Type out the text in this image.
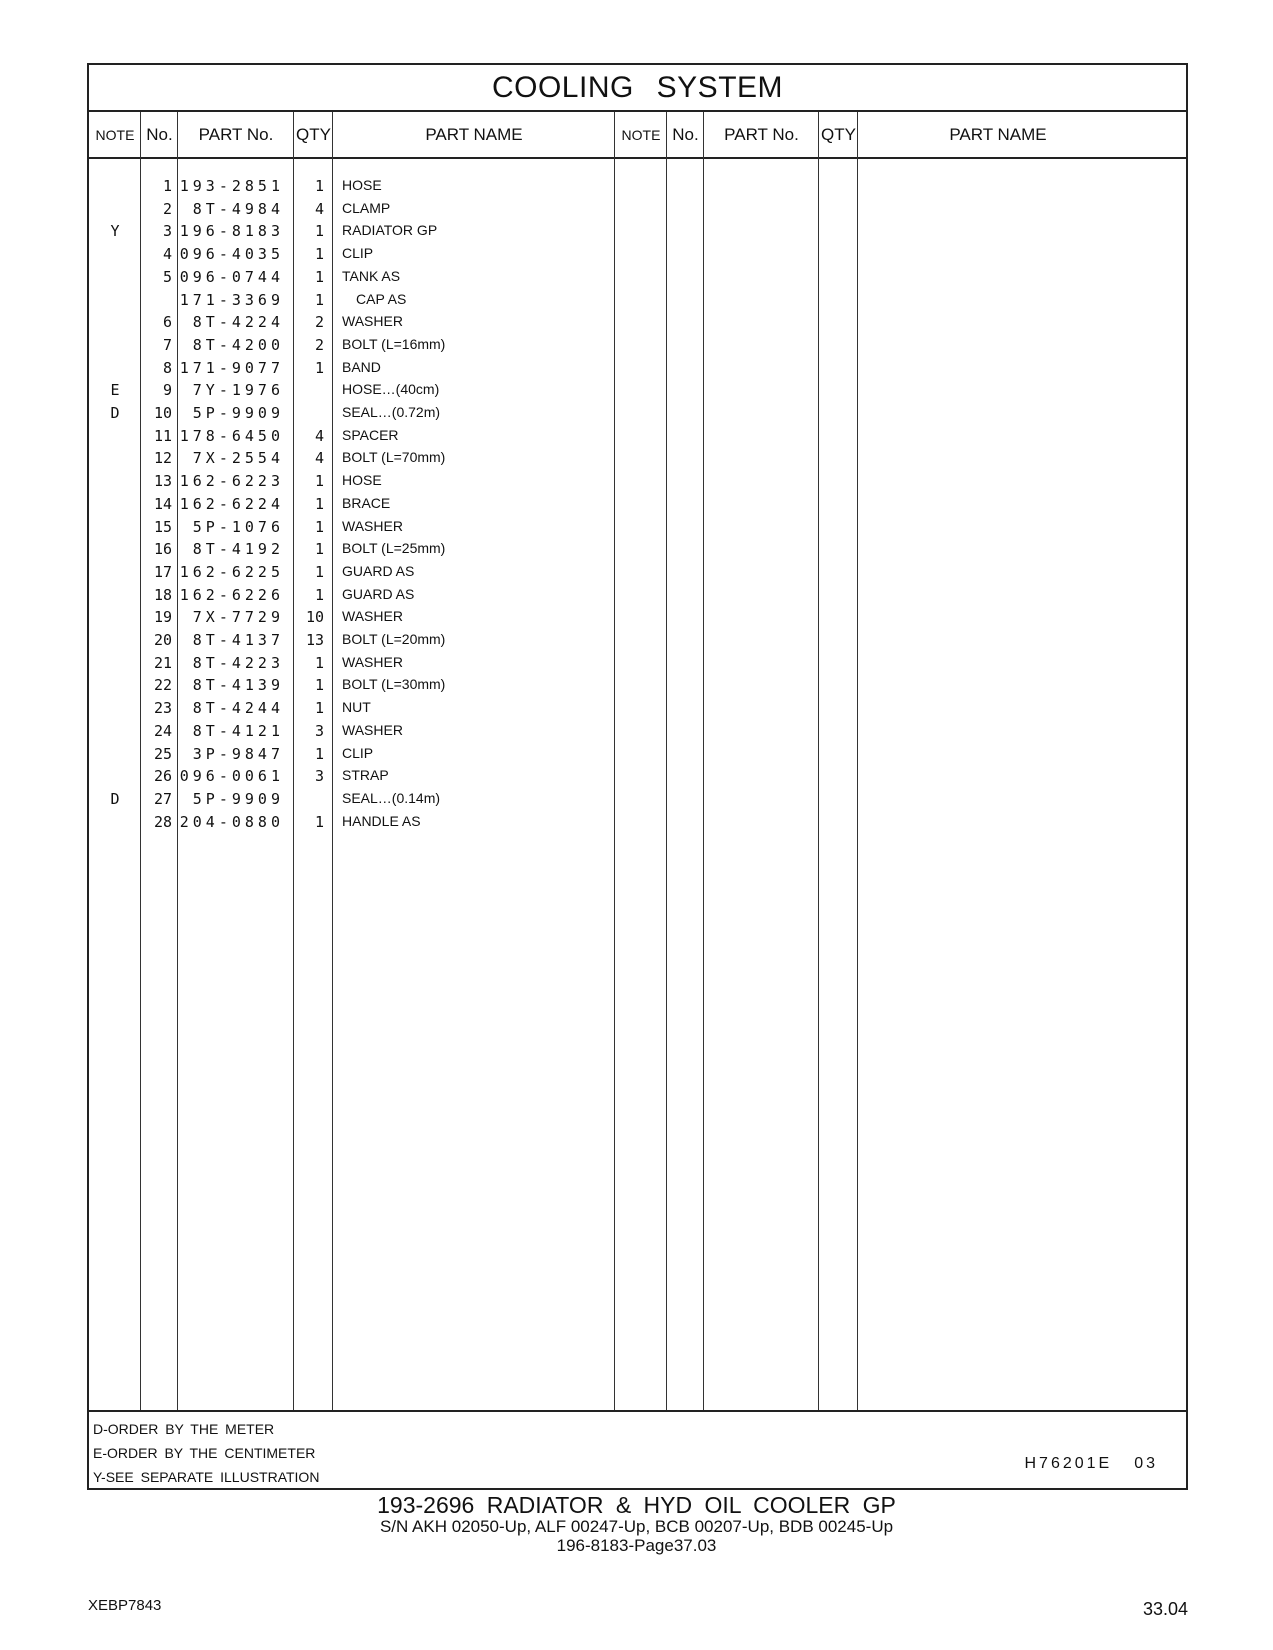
COOLING SYSTEM
NOTE No.	PART No.	QTY	PART NAME	NOTE No.	PART No.	QTY	PART NAME
1 193-2851	1 HOSE
2	8T-4984	4 CLAMP
Y	3 196-8183	1 RADIATOR GP
4 096-4035	1 CLIP
5 096-0744	1 TANK AS
171-3369	1 CAP AS
6	8T-4224	2 WASHER
7	8T-4200	2 BOLT (L=16mm)
8 171-9077	1 BAND
E	9	7Y-1976	HOSE…(40cm)
D	10	5P-9909	SEAL…(0.72m)
11 178-6450	4 SPACER
12	7X-2554	4 BOLT (L=70mm)
13 162-6223	1 HOSE
14 162-6224	1 BRACE
15	5P-1076	1 WASHER
16	8T-4192	1 BOLT (L=25mm)
17 162-6225	1 GUARD AS
18 162-6226	1 GUARD AS
19	7X-7729	10 WASHER
20	8T-4137	13 BOLT (L=20mm)
21	8T-4223	1 WASHER
22	8T-4139	1 BOLT (L=30mm)
23	8T-4244	1 NUT
24	8T-4121	3 WASHER
25	3P-9847	1 CLIP
26 096-0061	3 STRAP
D	27	5P-9909	SEAL…(0.14m)
28 204-0880	1 HANDLE AS
D-ORDER BY THE METER
E-ORDER BY THE CENTIMETER
Y-SEE SEPARATE ILLUSTRATION
H76201E 03
193-2696 RADIATOR & HYD OIL COOLER GP
S/N AKH 02050-Up, ALF 00247-Up, BCB 00207-Up, BDB 00245-Up
196-8183-Page37.03
XEBP7843	33.04
